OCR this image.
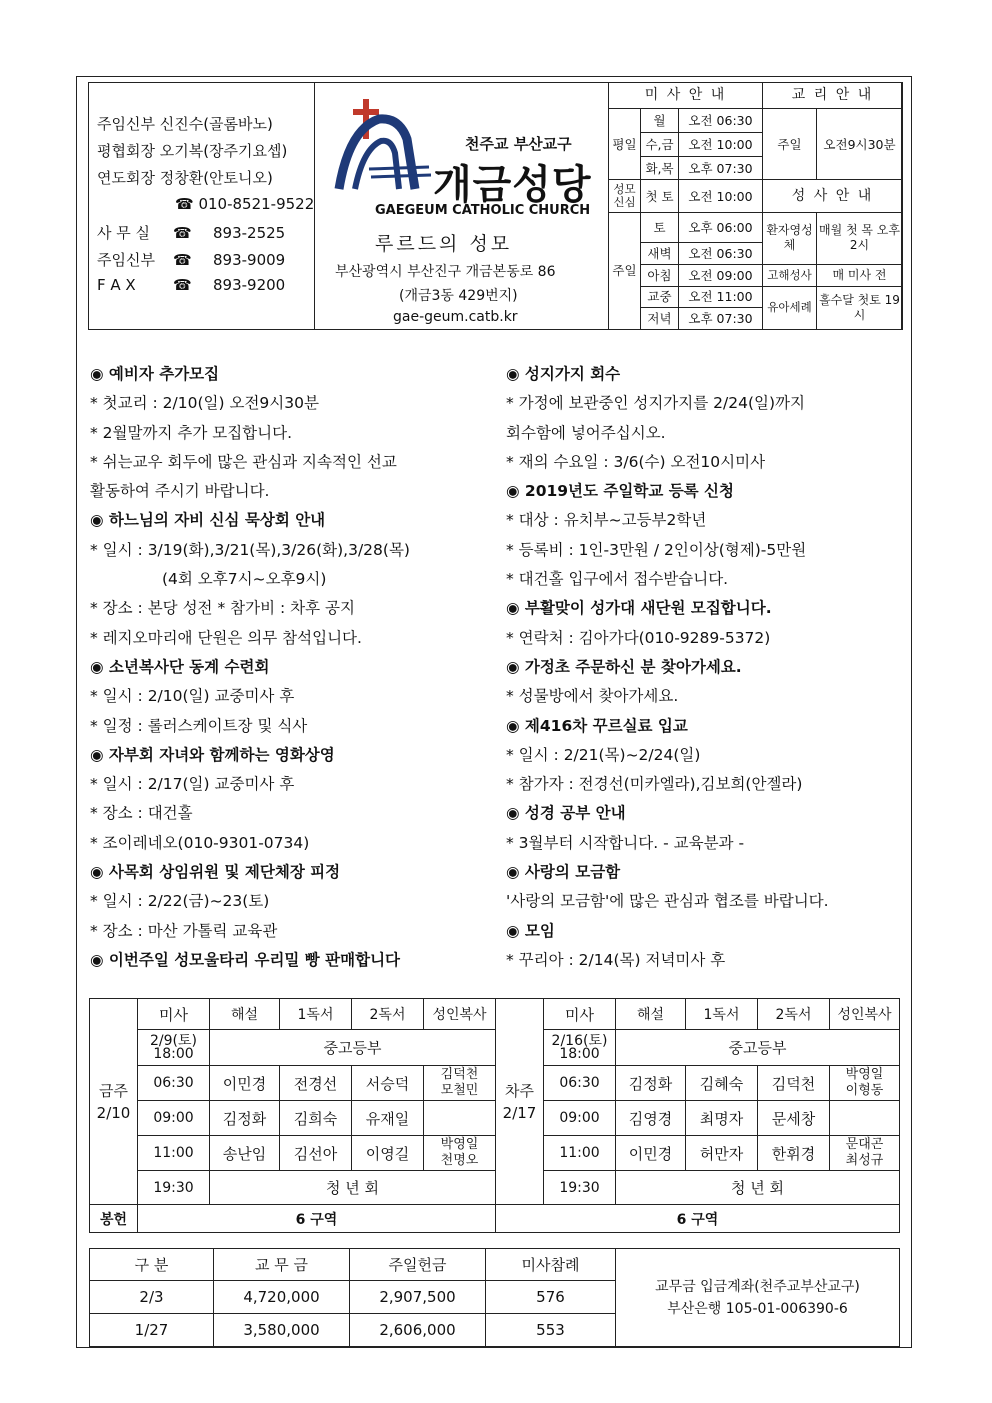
주임신부 신진수(골롬바노)
평협회장 오기복(장주기요셉)
연도회장 정창환(안토니오)
☎ 010-8521-9522
사 무 실 ☎ 893-2525
주임신부 ☎ 893-9009
F A X ☎ 893-9200
천주교 부산교구
개금성당
GAEGEUM CATHOLIC CHURCH
루르드의 성모
부산광역시 부산진구 개금본동로 86
(개금3동 429번지)
gae-geum.catb.kr
미 사 안 내			교 리 안 내	
평일	월	오전 06:30	주일	오전9시30분
	수,금	오전 10:00		
	화,목	오후 07:30		
성모신심	첫 토	오전 10:00	성 사 안 내	
주일	토	오후 06:00	환자영성체	매월 첫 목 오후 2시
	새벽	오전 06:30		
	아침	오전 09:00	고해성사	매 미사 전
	교중	오전 11:00	유아세례	홀수달 첫토 19시
	저녁	오후 07:30		
◉ 예비자 추가모집
* 첫교리 : 2/10(일) 오전9시30분
* 2월말까지 추가 모집합니다.
* 쉬는교우 회두에 많은 관심과 지속적인 선교
활동하여 주시기 바랍니다.
◉ 하느님의 자비 신심 묵상회 안내
* 일시 : 3/19(화),3/21(목),3/26(화),3/28(목)
(4회 오후7시~오후9시)
* 장소 : 본당 성전 * 참가비 : 차후 공지
* 레지오마리애 단원은 의무 참석입니다.
◉ 소년복사단 동계 수련회
* 일시 : 2/10(일) 교중미사 후
* 일정 : 롤러스케이트장 및 식사
◉ 자부회 자녀와 함께하는 영화상영
* 일시 : 2/17(일) 교중미사 후
* 장소 : 대건홀
* 조이레네오(010-9301-0734)
◉ 사목회 상임위원 및 제단체장 피정
* 일시 : 2/22(금)~23(토)
* 장소 : 마산 가톨릭 교육관
◉ 이번주일 성모울타리 우리밀 빵 판매합니다
◉ 성지가지 회수
* 가정에 보관중인 성지가지를 2/24(일)까지
회수함에 넣어주십시오.
* 재의 수요일 : 3/6(수) 오전10시미사
◉ 2019년도 주일학교 등록 신청
* 대상 : 유치부~고등부2학년
* 등록비 : 1인-3만원 / 2인이상(형제)-5만원
* 대건홀 입구에서 접수받습니다.
◉ 부활맞이 성가대 새단원 모집합니다.
* 연락처 : 김아가다(010-9289-5372)
◉ 가정초 주문하신 분 찾아가세요.
* 성물방에서 찾아가세요.
◉ 제416차 꾸르실료 입교
* 일시 : 2/21(목)~2/24(일)
* 참가자 : 전경선(미카엘라),김보희(안젤라)
◉ 성경 공부 안내
* 3월부터 시작합니다. - 교육분과 -
◉ 사랑의 모금함
'사랑의 모금함'에 많은 관심과 협조를 바랍니다.
◉ 모임
* 꾸리아 : 2/14(목) 저녁미사 후
금주 2/10	미사	해설	1독서	2독서	성인복사	차주 2/17	미사	해설	1독서	2독서	성인복사
	2/9(토) 18:00	중고등부					2/16(토) 18:00	중고등부			
	06:30	이민경	전경선	서승덕	김덕천 모철민		06:30	김정화	김혜숙	김덕천	박영일 이형동
	09:00	김정화	김희숙	유재일			09:00	김영경	최명자	문세창	
	11:00	송난임	김선아	이영길	박영일 천명오		11:00	이민경	허만자	한휘경	문대곤 최성규
	19:30	청 년 회					19:30	청 년 회			
봉헌	6 구역					6 구역					
구 분	교 무 금	주일헌금	미사참례	교무금 입금계좌(천주교부산교구)
부산은행 105-01-006390-6

2/3	4,720,000	2,907,500	576	
1/27	3,580,000	2,606,000	553	
